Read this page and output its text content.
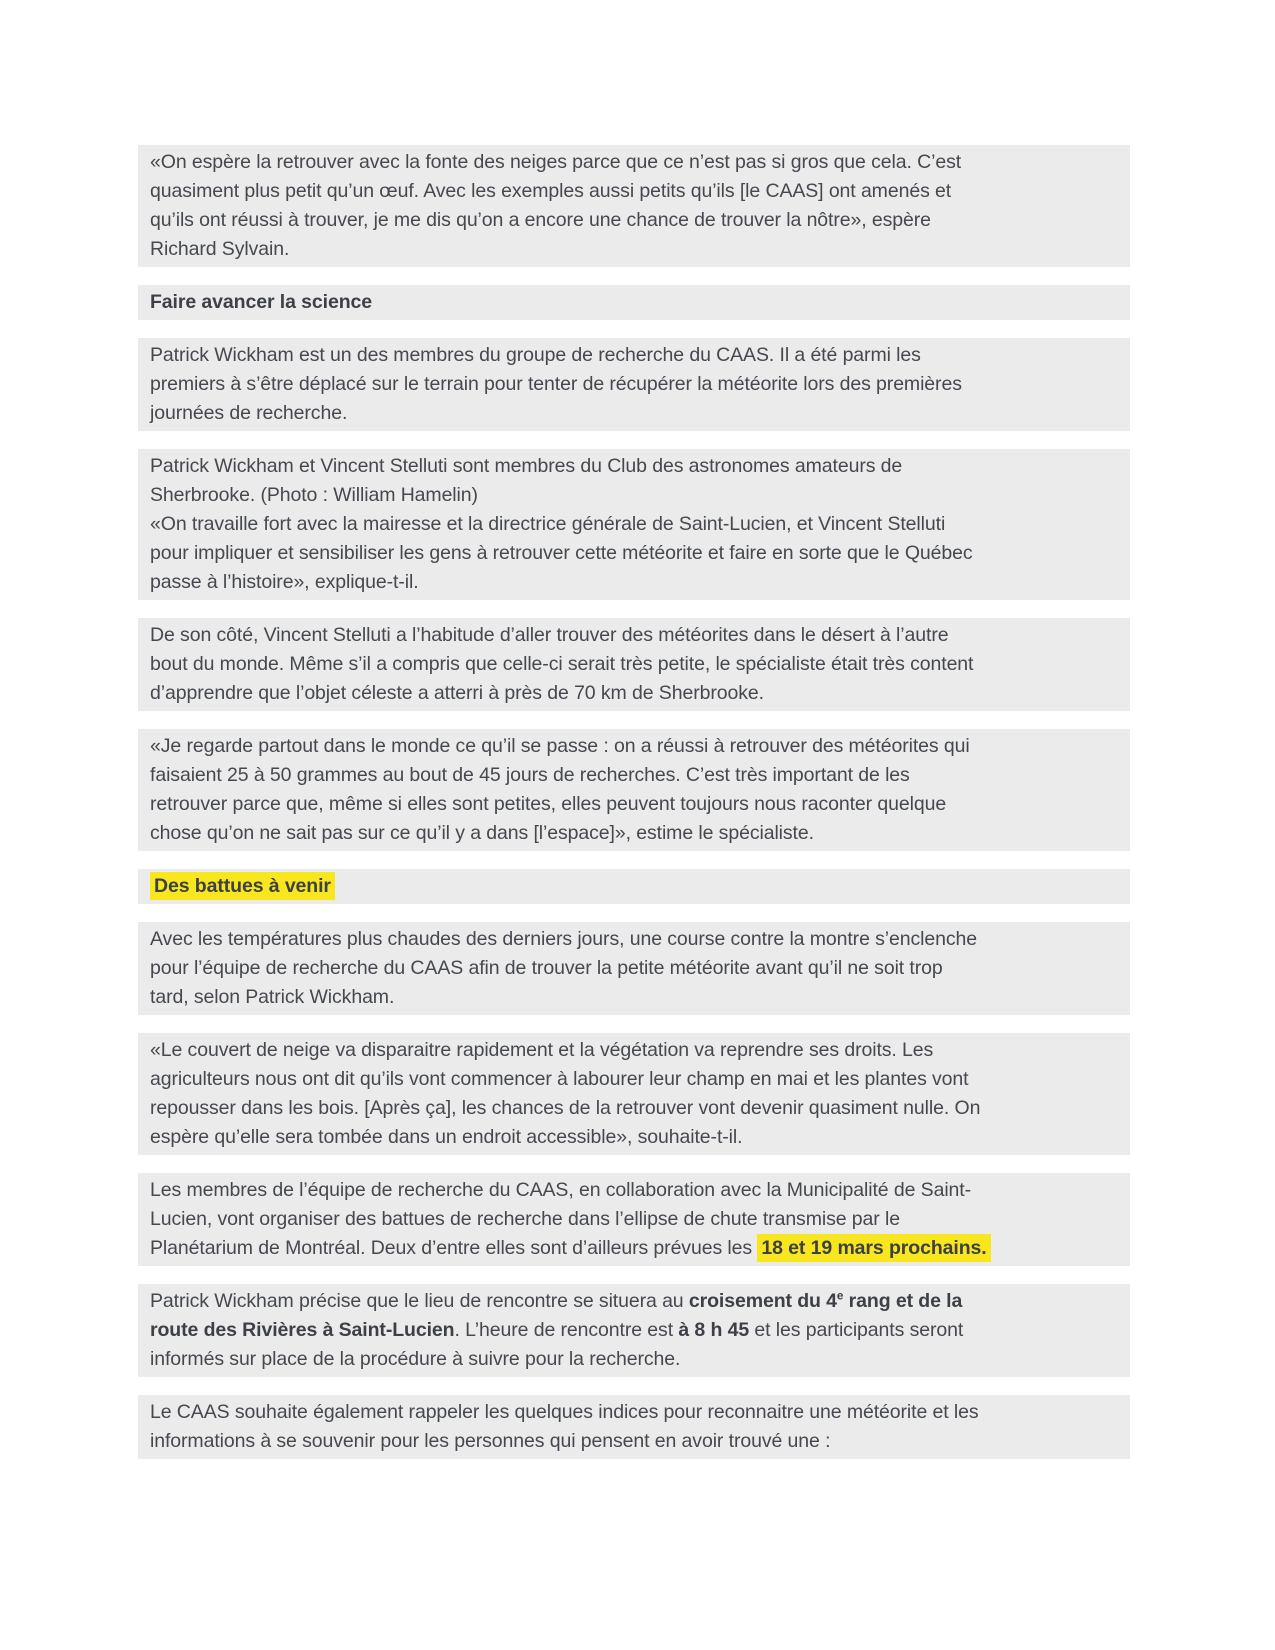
«On espère la retrouver avec la fonte des neiges parce que ce n’est pas si gros que cela. C’est
quasiment plus petit qu’un œuf. Avec les exemples aussi petits qu’ils [le CAAS] ont amenés et
qu’ils ont réussi à trouver, je me dis qu’on a encore une chance de trouver la nôtre», espère
Richard Sylvain.
Faire avancer la science
Patrick Wickham est un des membres du groupe de recherche du CAAS. Il a été parmi les
premiers à s’être déplacé sur le terrain pour tenter de récupérer la météorite lors des premières
journées de recherche.
Patrick Wickham et Vincent Stelluti sont membres du Club des astronomes amateurs de
Sherbrooke. (Photo : William Hamelin)
«On travaille fort avec la mairesse et la directrice générale de Saint-Lucien, et Vincent Stelluti
pour impliquer et sensibiliser les gens à retrouver cette météorite et faire en sorte que le Québec
passe à l’histoire», explique-t-il.
De son côté, Vincent Stelluti a l’habitude d’aller trouver des météorites dans le désert à l’autre
bout du monde. Même s’il a compris que celle-ci serait très petite, le spécialiste était très content
d’apprendre que l’objet céleste a atterri à près de 70 km de Sherbrooke.
«Je regarde partout dans le monde ce qu’il se passe : on a réussi à retrouver des météorites qui
faisaient 25 à 50 grammes au bout de 45 jours de recherches. C’est très important de les
retrouver parce que, même si elles sont petites, elles peuvent toujours nous raconter quelque
chose qu’on ne sait pas sur ce qu’il y a dans [l’espace]», estime le spécialiste.
Des battues à venir
Avec les températures plus chaudes des derniers jours, une course contre la montre s’enclenche
pour l’équipe de recherche du CAAS afin de trouver la petite météorite avant qu’il ne soit trop
tard, selon Patrick Wickham.
«Le couvert de neige va disparaitre rapidement et la végétation va reprendre ses droits. Les
agriculteurs nous ont dit qu’ils vont commencer à labourer leur champ en mai et les plantes vont
repousser dans les bois. [Après ça], les chances de la retrouver vont devenir quasiment nulle. On
espère qu’elle sera tombée dans un endroit accessible», souhaite-t-il.
Les membres de l’équipe de recherche du CAAS, en collaboration avec la Municipalité de Saint-
Lucien, vont organiser des battues de recherche dans l’ellipse de chute transmise par le
Planétarium de Montréal. Deux d’entre elles sont d’ailleurs prévues les 18 et 19 mars prochains.
Patrick Wickham précise que le lieu de rencontre se situera au croisement du 4e rang et de la
route des Rivières à Saint-Lucien. L’heure de rencontre est à 8 h 45 et les participants seront
informés sur place de la procédure à suivre pour la recherche.
Le CAAS souhaite également rappeler les quelques indices pour reconnaitre une météorite et les
informations à se souvenir pour les personnes qui pensent en avoir trouvé une :
